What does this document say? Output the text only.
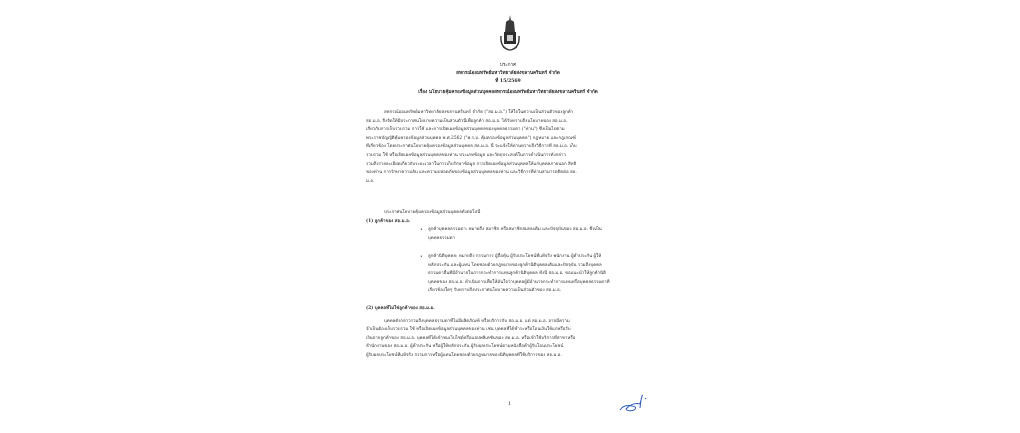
ประกาศ
สหกรณ์ออมทรัพย์มหาวิทยาลัยสงขลานครินทร์ จำกัด
ที่ 15/2569
เรื่อง นโยบายคุ้มครองข้อมูลส่วนบุคคลสหกรณ์ออมทรัพย์มหาวิทยาลัยสงขลานครินทร์ จำกัด
สหกรณ์ออมทรัพย์มหาวิทยาลัยสงขลานครินทร์ จำกัด ("สอ.ม.อ.") ให้ใจในความเป็นส่วนตัวของลูกค้า
สอ.ม.อ. จึงจัดให้มีประกาศนโยบายความเป็นส่วนตัวนี้เพื่อลูกค้า สอ.ม.อ. ได้รับทราบถึงนโยบายของ สอ.ม.อ.
เกี่ยวกับการเก็บรวบรวม การใช้ และการเปิดเผยข้อมูลส่วนบุคคลของบุคคลธรรมดา ("ท่าน") ซึ่งเป็นไปตาม
พระราชบัญญัติคุ้มครองข้อมูลส่วนบุคคล พ.ศ.2562 ("พ.ร.บ. คุ้มครองข้อมูลส่วนบุคคล") กฎหมาย และกฎเกณฑ์
ที่เกี่ยวข้อง โดยประกาศนโยบายคุ้มครองข้อมูลส่วนบุคคล สอ.ม.อ. นี้ จะแจ้งให้ท่านทราบถึงวิธีการที่ สอ.ม.อ. เก็บ
รวบรวม ใช้ หรือเปิดเผยข้อมูลส่วนบุคคลของท่าน ประเภทข้อมูล และวัตถุประสงค์ในการดำเนินการดังกล่าว
รวมถึงรายละเอียดเกี่ยวกับระยะเวลาในการเก็บรักษาข้อมูล การเปิดเผยข้อมูลส่วนบุคคลให้แก่บุคคลภายนอก สิทธิ
ของท่าน การรักษาความลับ และความปลอดภัยของข้อมูลส่วนบุคคลของท่าน และวิธีการที่ท่านสามารถติดต่อ สอ.
ม.อ.
ประกาศนโยบายคุ้มครองข้อมูลส่วนบุคคลดังต่อไปนี้
(1) ลูกค้าของ สอ.ม.อ.
• ลูกค้าบุคคลธรรมดา: หมายถึง สมาชิก หรือสมาชิกสมทบเดิม และปัจจุบันของ สอ.ม.อ. ซึ่งเป็น
บุคคลธรรมดา
• ลูกค้านิติบุคคล: หมายถึง กรรมการ ผู้ถือหุ้น ผู้รับประโยชน์ที่แท้จริง พนักงาน ผู้ค้ำประกัน ผู้ให้
หลักประกัน และผู้แทน โดยชอบด้วยกฎหมายของลูกค้านิติบุคคลเดิมและปัจจุบัน รวมถึงบุคคล
ธรรมดาอื่นที่มีอำนาจในการกระทำการแทนลูกค้านิติบุคคล ทั้งนี้ สอ.ม.อ. ขอแนะนำให้ลูกค้านิติ
บุคคลของ สอ.ม.อ. ดำเนินการเพื่อให้มั่นใจว่าบุคคลผู้มีอำนาจกระทำการแทนหรือบุคคลธรรมดาที่
เกี่ยวข้องใดๆ รับทราบถึงประกาศนโยบายความเป็นส่วนตัวของ สอ.ม.อ.
(2) บุคคลที่ไม่ใช่ลูกค้าของ สอ.ม.อ.
บุคคลดังกล่าวรวมถึงบุคคลธรรมดาที่ไม่มีผลิตภัณฑ์ หรือบริการกับ สอ.ม.อ. แต่ สอ.ม.อ. อาจมีความ
จำเป็นต้องเก็บรวบรวม ใช้ หรือเปิดเผยข้อมูลส่วนบุคคลของท่าน เช่น บุคคลที่ได้ชำระหรือโอนเงินให้แก่หรือรับ
เงินจากลูกค้าของ สอ.ม.อ. บุคคลที่ได้เข้าชมเว็บไซต์หรือแอปพลิเคชันของ สอ.ม.อ. หรือเข้าใช้บริการที่สาขาหรือ
สำนักงานของ สอ.ม.อ. ผู้ค้ำประกัน หรือผู้ให้หลักประกัน ผู้รับผลประโยชน์ตามหนังสือค้ำผู้รับโอนประโยชน์
ผู้รับผลประโยชน์ที่แท้จริง กรรมการหรือผู้แทนโดยชอบด้วยกฎหมายของนิติบุคคลที่ใช้บริการของ สอ.ม.อ.
1
